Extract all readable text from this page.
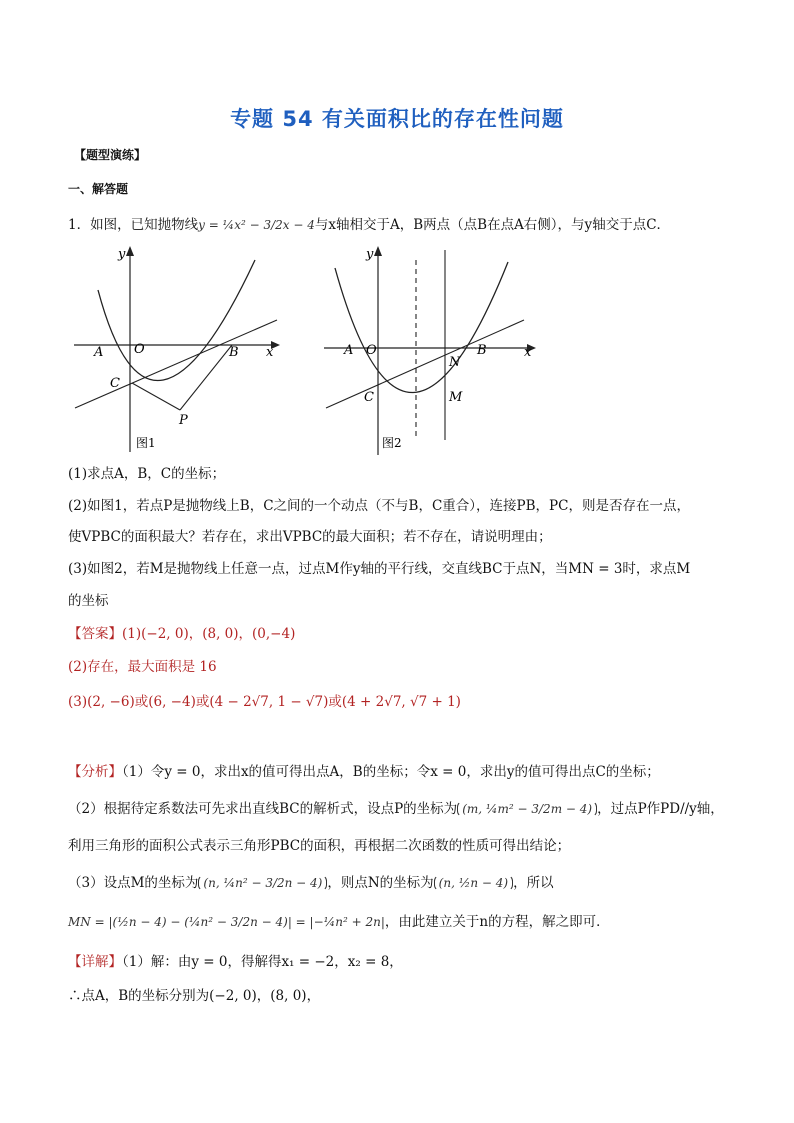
专题 54 有关面积比的存在性问题
【题型演练】
一、解答题
1．如图，已知抛物线y = ¼x² − 3/2x − 4与x轴相交于A，B两点（点B在点A右侧），与y轴交于点C．
y
x
A O	B
C
P
图1
y
x
A O	B
C
N
M
图2
(1)求点A，B，C的坐标；
(2)如图1，若点P是抛物线上B，C之间的一个动点（不与B，C重合），连接PB，PC，则是否存在一点，
使VPBC的面积最大？若存在，求出VPBC的最大面积；若不存在，请说明理由；
(3)如图2，若M是抛物线上任意一点，过点M作y轴的平行线，交直线BC于点N，当MN = 3时，求点M
的坐标
【答案】(1)(−2, 0)，(8, 0)，(0,−4)
(2)存在，最大面积是 16
(3)(2, −6)或(6, −4)或(4 − 2√7, 1 − √7)或(4 + 2√7, √7 + 1)
【分析】（1）令y = 0，求出x的值可得出点A，B的坐标；令x = 0，求出y的值可得出点C的坐标；
（2）根据待定系数法可先求出直线BC的解析式，设点P的坐标为 (m, ¼m² − 3/2m − 4) ，过点P作PD//y轴，
利用三角形的面积公式表示三角形PBC的面积，再根据二次函数的性质可得出结论；
（3）设点M的坐标为 (n, ¼n² − 3/2n − 4) ，则点N的坐标为 (n, ½n − 4) ，所以
MN = |(½n − 4) − (¼n² − 3/2n − 4)| = |−¼n² + 2n|，由此建立关于n的方程，解之即可．
【详解】（1）解：由y = 0，得解得x₁ = −2，x₂ = 8，
∴点A，B的坐标分别为(−2, 0)，(8, 0)，
